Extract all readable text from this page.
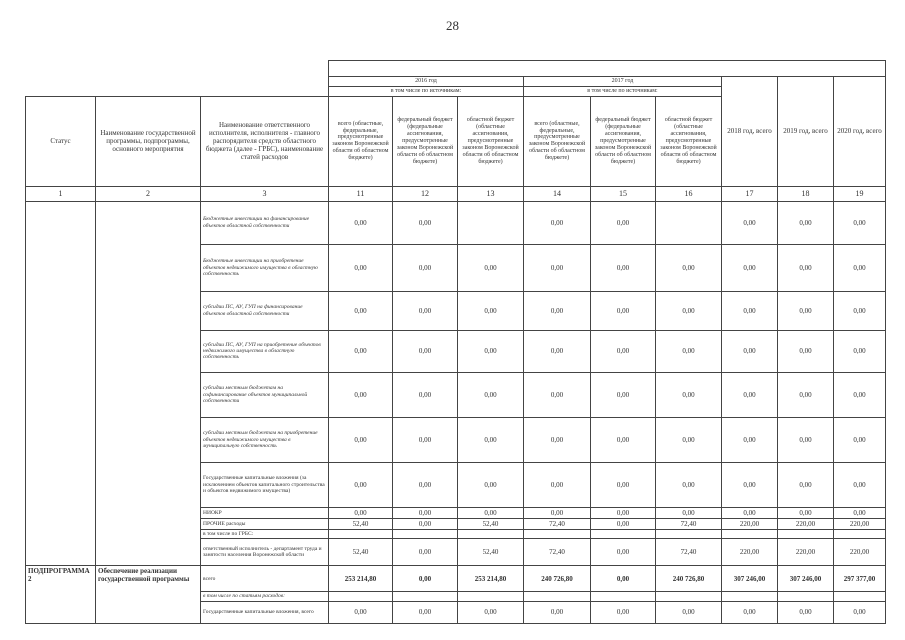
28

			2016 год			2017 год			2018 год, всего	2019 год, всего	2020 год, всего
			в том числе по источникам:			в том числе по источникам:					
Статус	Наименование государственной программы, подпрограммы, основного мероприятия	Наименование ответственного исполнителя, исполнителя - главного распорядителя средств областного бюджета (далее - ГРБС), наименование статей расходов	всего (областные, федеральные, предусмотренные законом Воронежской области об областном бюджете)	федеральный бюджет (федеральные ассигнования, предусмотренные законом Воронежской области об областном бюджете)	областной бюджет (областные ассигнования, предусмотренные законом Воронежской области об областном бюджете)	всего (областные, федеральные, предусмотренные законом Воронежской области об областном бюджете)	федеральный бюджет (федеральные ассигнования, предусмотренные законом Воронежской области об областном бюджете)	областной бюджет (областные ассигнования, предусмотренные законом Воронежской области об областном бюджете)			
1	2	3	11	12	13	14	15	16	17	18	19
		Бюджетные инвестиции на финансирование объектов областной собственности	0,00	0,00		0,00	0,00		0,00	0,00	0,00
		Бюджетные инвестиции на приобретение объектов недвижимого имущества в областную собственность	0,00	0,00	0,00	0,00	0,00	0,00	0,00	0,00	0,00
		субсидии ПС, АУ, ГУП на финансирование объектов областной собственности	0,00	0,00	0,00	0,00	0,00	0,00	0,00	0,00	0,00
		субсидии ПС, АУ, ГУП на приобретение объектов недвижимого имущества в областную собственность	0,00	0,00	0,00	0,00	0,00	0,00	0,00	0,00	0,00
		субсидии местным бюджетам на софинансирование объектов муниципальной собственности	0,00	0,00	0,00	0,00	0,00	0,00	0,00	0,00	0,00
		субсидии местным бюджетам на приобретение объектов недвижимого имущества в муниципальную собственность	0,00	0,00	0,00	0,00	0,00	0,00	0,00	0,00	0,00
		Государственные капитальные вложения (за исключением объектов капитального строительства и объектов недвижимого имущества)	0,00	0,00	0,00	0,00	0,00	0,00	0,00	0,00	0,00
		НИОКР	0,00	0,00	0,00	0,00	0,00	0,00	0,00	0,00	0,00
		ПРОЧИЕ расходы	52,40	0,00	52,40	72,40	0,00	72,40	220,00	220,00	220,00
		в том числе по ГРБС:									
		ответственный исполнитель - департамент труда и занятости населения Воронежской области	52,40	0,00	52,40	72,40	0,00	72,40	220,00	220,00	220,00
ПОДПРОГРАММА 2	Обеспечение реализации государственной программы	всего	253 214,80	0,00	253 214,80	240 726,80	0,00	240 726,80	307 246,00	307 246,00	297 377,00
		в том числе по статьям расходов:									
		Государственные капитальные вложения, всего	0,00	0,00	0,00	0,00	0,00	0,00	0,00	0,00	0,00
